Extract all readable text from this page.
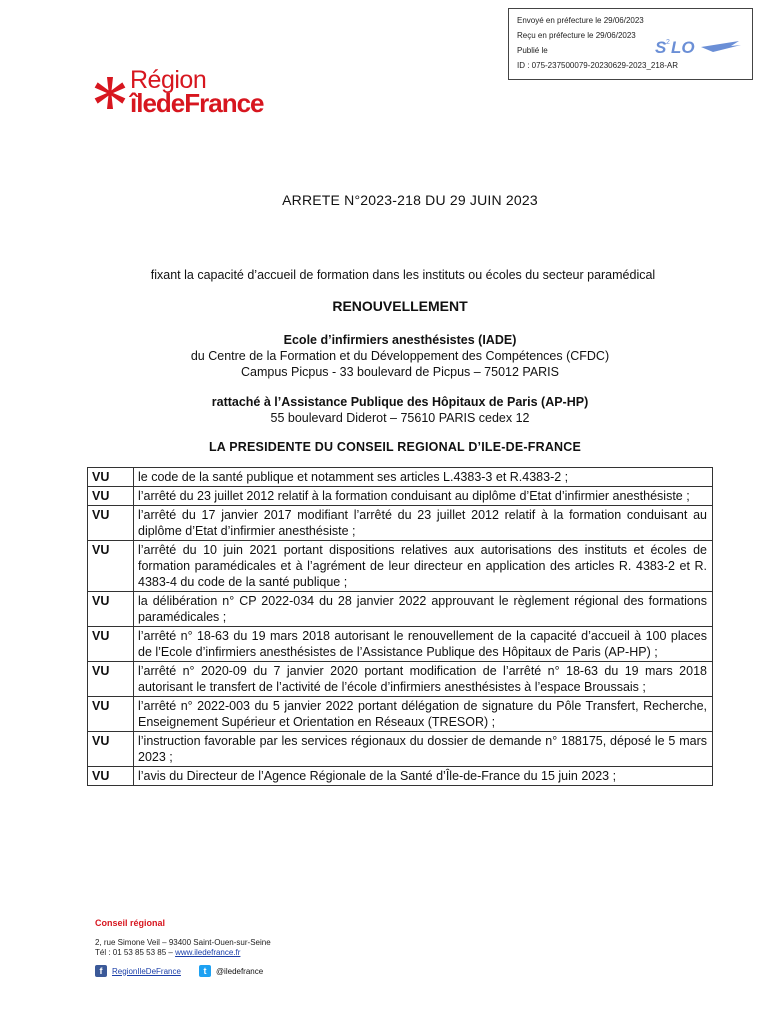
Envoyé en préfecture le 29/06/2023
Reçu en préfecture le 29/06/2023
Publié le
ID : 075-237500079-20230629-2023_218-AR
S 2 LO
Région
îledeFrance
ARRETE N°2023-218 DU 29 JUIN 2023
fixant la capacité d’accueil de formation dans les instituts ou écoles du secteur paramédical
RENOUVELLEMENT
Ecole d’infirmiers anesthésistes (IADE)
du Centre de la Formation et du Développement des Compétences (CFDC)
Campus Picpus - 33 boulevard de Picpus – 75012 PARIS
rattaché à l’Assistance Publique des Hôpitaux de Paris (AP-HP)
55 boulevard Diderot – 75610 PARIS cedex 12
LA PRESIDENTE DU CONSEIL REGIONAL D’ILE-DE-FRANCE
VU	le code de la santé publique et notamment ses articles L.4383-3 et R.4383-2 ;
VU	l’arrêté du 23 juillet 2012 relatif à la formation conduisant au diplôme d’Etat d’infirmier anesthésiste ;
VU	l’arrêté du 17 janvier 2017 modifiant l’arrêté du 23 juillet 2012 relatif à la formation conduisant au diplôme d’Etat d’infirmier anesthésiste ;
VU	l’arrêté du 10 juin 2021 portant dispositions relatives aux autorisations des instituts et écoles de formation paramédicales et à l’agrément de leur directeur en application des articles R. 4383-2 et R. 4383-4 du code de la santé publique ;
VU	la délibération n° CP 2022-034 du 28 janvier 2022 approuvant le règlement régional des formations paramédicales ;
VU	l’arrêté n° 18-63 du 19 mars 2018 autorisant le renouvellement de la capacité d’accueil à 100 places de l’Ecole d’infirmiers anesthésistes de l’Assistance Publique des Hôpitaux de Paris (AP-HP) ;
VU	l’arrêté n° 2020-09 du 7 janvier 2020 portant modification de l’arrêté n° 18-63 du 19 mars 2018 autorisant le transfert de l’activité de l’école d’infirmiers anesthésistes à l’espace Broussais ;
VU	l’arrêté n° 2022-003 du 5 janvier 2022 portant délégation de signature du Pôle Transfert, Recherche, Enseignement Supérieur et Orientation en Réseaux (TRESOR) ;
VU	l’instruction favorable par les services régionaux du dossier de demande n° 188175, déposé le 5 mars 2023 ;
VU	l’avis du Directeur de l’Agence Régionale de la Santé d’Île-de-France du 15 juin 2023 ;
Conseil régional
2, rue Simone Veil – 93400 Saint-Ouen-sur-Seine
Tél : 01 53 85 53 85 – www.iledefrance.fr
f	RegionIleDeFrance	t	@iledefrance
